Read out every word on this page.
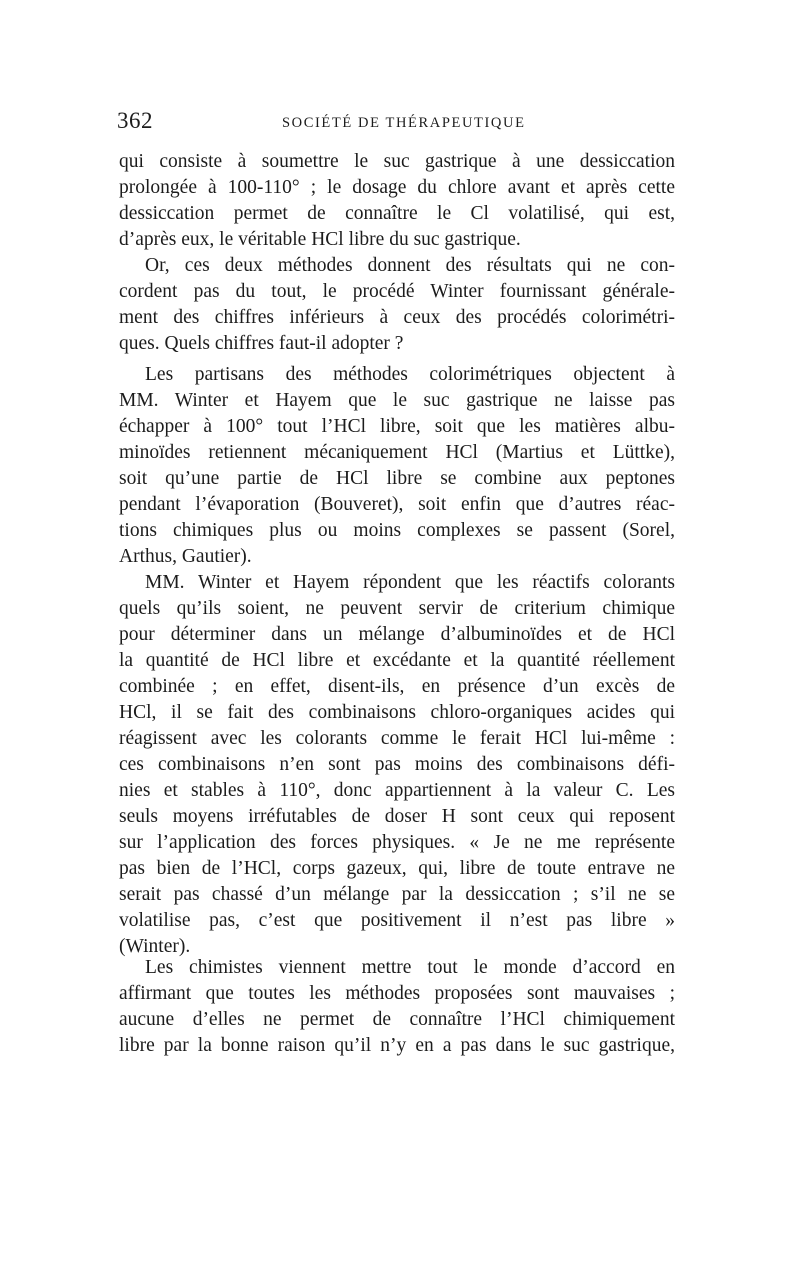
362	SOCIÉTÉ DE THÉRAPEUTIQUE
qui consiste à soumettre le suc gastrique à une dessiccation
prolongée à 100-110° ; le dosage du chlore avant et après cette
dessiccation permet de connaître le Cl volatilisé, qui est,
d’après eux, le véritable HCl libre du suc gastrique.
Or, ces deux méthodes donnent des résultats qui ne con-
cordent pas du tout, le procédé Winter fournissant générale-
ment des chiffres inférieurs à ceux des procédés colorimétri-
ques. Quels chiffres faut-il adopter ?
Les partisans des méthodes colorimétriques objectent à
MM. Winter et Hayem que le suc gastrique ne laisse pas
échapper à 100° tout l’HCl libre, soit que les matières albu-
minoïdes retiennent mécaniquement HCl (Martius et Lüttke),
soit qu’une partie de HCl libre se combine aux peptones
pendant l’évaporation (Bouveret), soit enfin que d’autres réac-
tions chimiques plus ou moins complexes se passent (Sorel,
Arthus, Gautier).
MM. Winter et Hayem répondent que les réactifs colorants
quels qu’ils soient, ne peuvent servir de criterium chimique
pour déterminer dans un mélange d’albuminoïdes et de HCl
la quantité de HCl libre et excédante et la quantité réellement
combinée ; en effet, disent-ils, en présence d’un excès de
HCl, il se fait des combinaisons chloro-organiques acides qui
réagissent avec les colorants comme le ferait HCl lui-même :
ces combinaisons n’en sont pas moins des combinaisons défi-
nies et stables à 110°, donc appartiennent à la valeur C. Les
seuls moyens irréfutables de doser H sont ceux qui reposent
sur l’application des forces physiques. « Je ne me représente
pas bien de l’HCl, corps gazeux, qui, libre de toute entrave ne
serait pas chassé d’un mélange par la dessiccation ; s’il ne se
volatilise pas, c’est que positivement il n’est pas libre »
(Winter).
Les chimistes viennent mettre tout le monde d’accord en
affirmant que toutes les méthodes proposées sont mauvaises ;
aucune d’elles ne permet de connaître l’HCl chimiquement
libre par la bonne raison qu’il n’y en a pas dans le suc gastrique,
